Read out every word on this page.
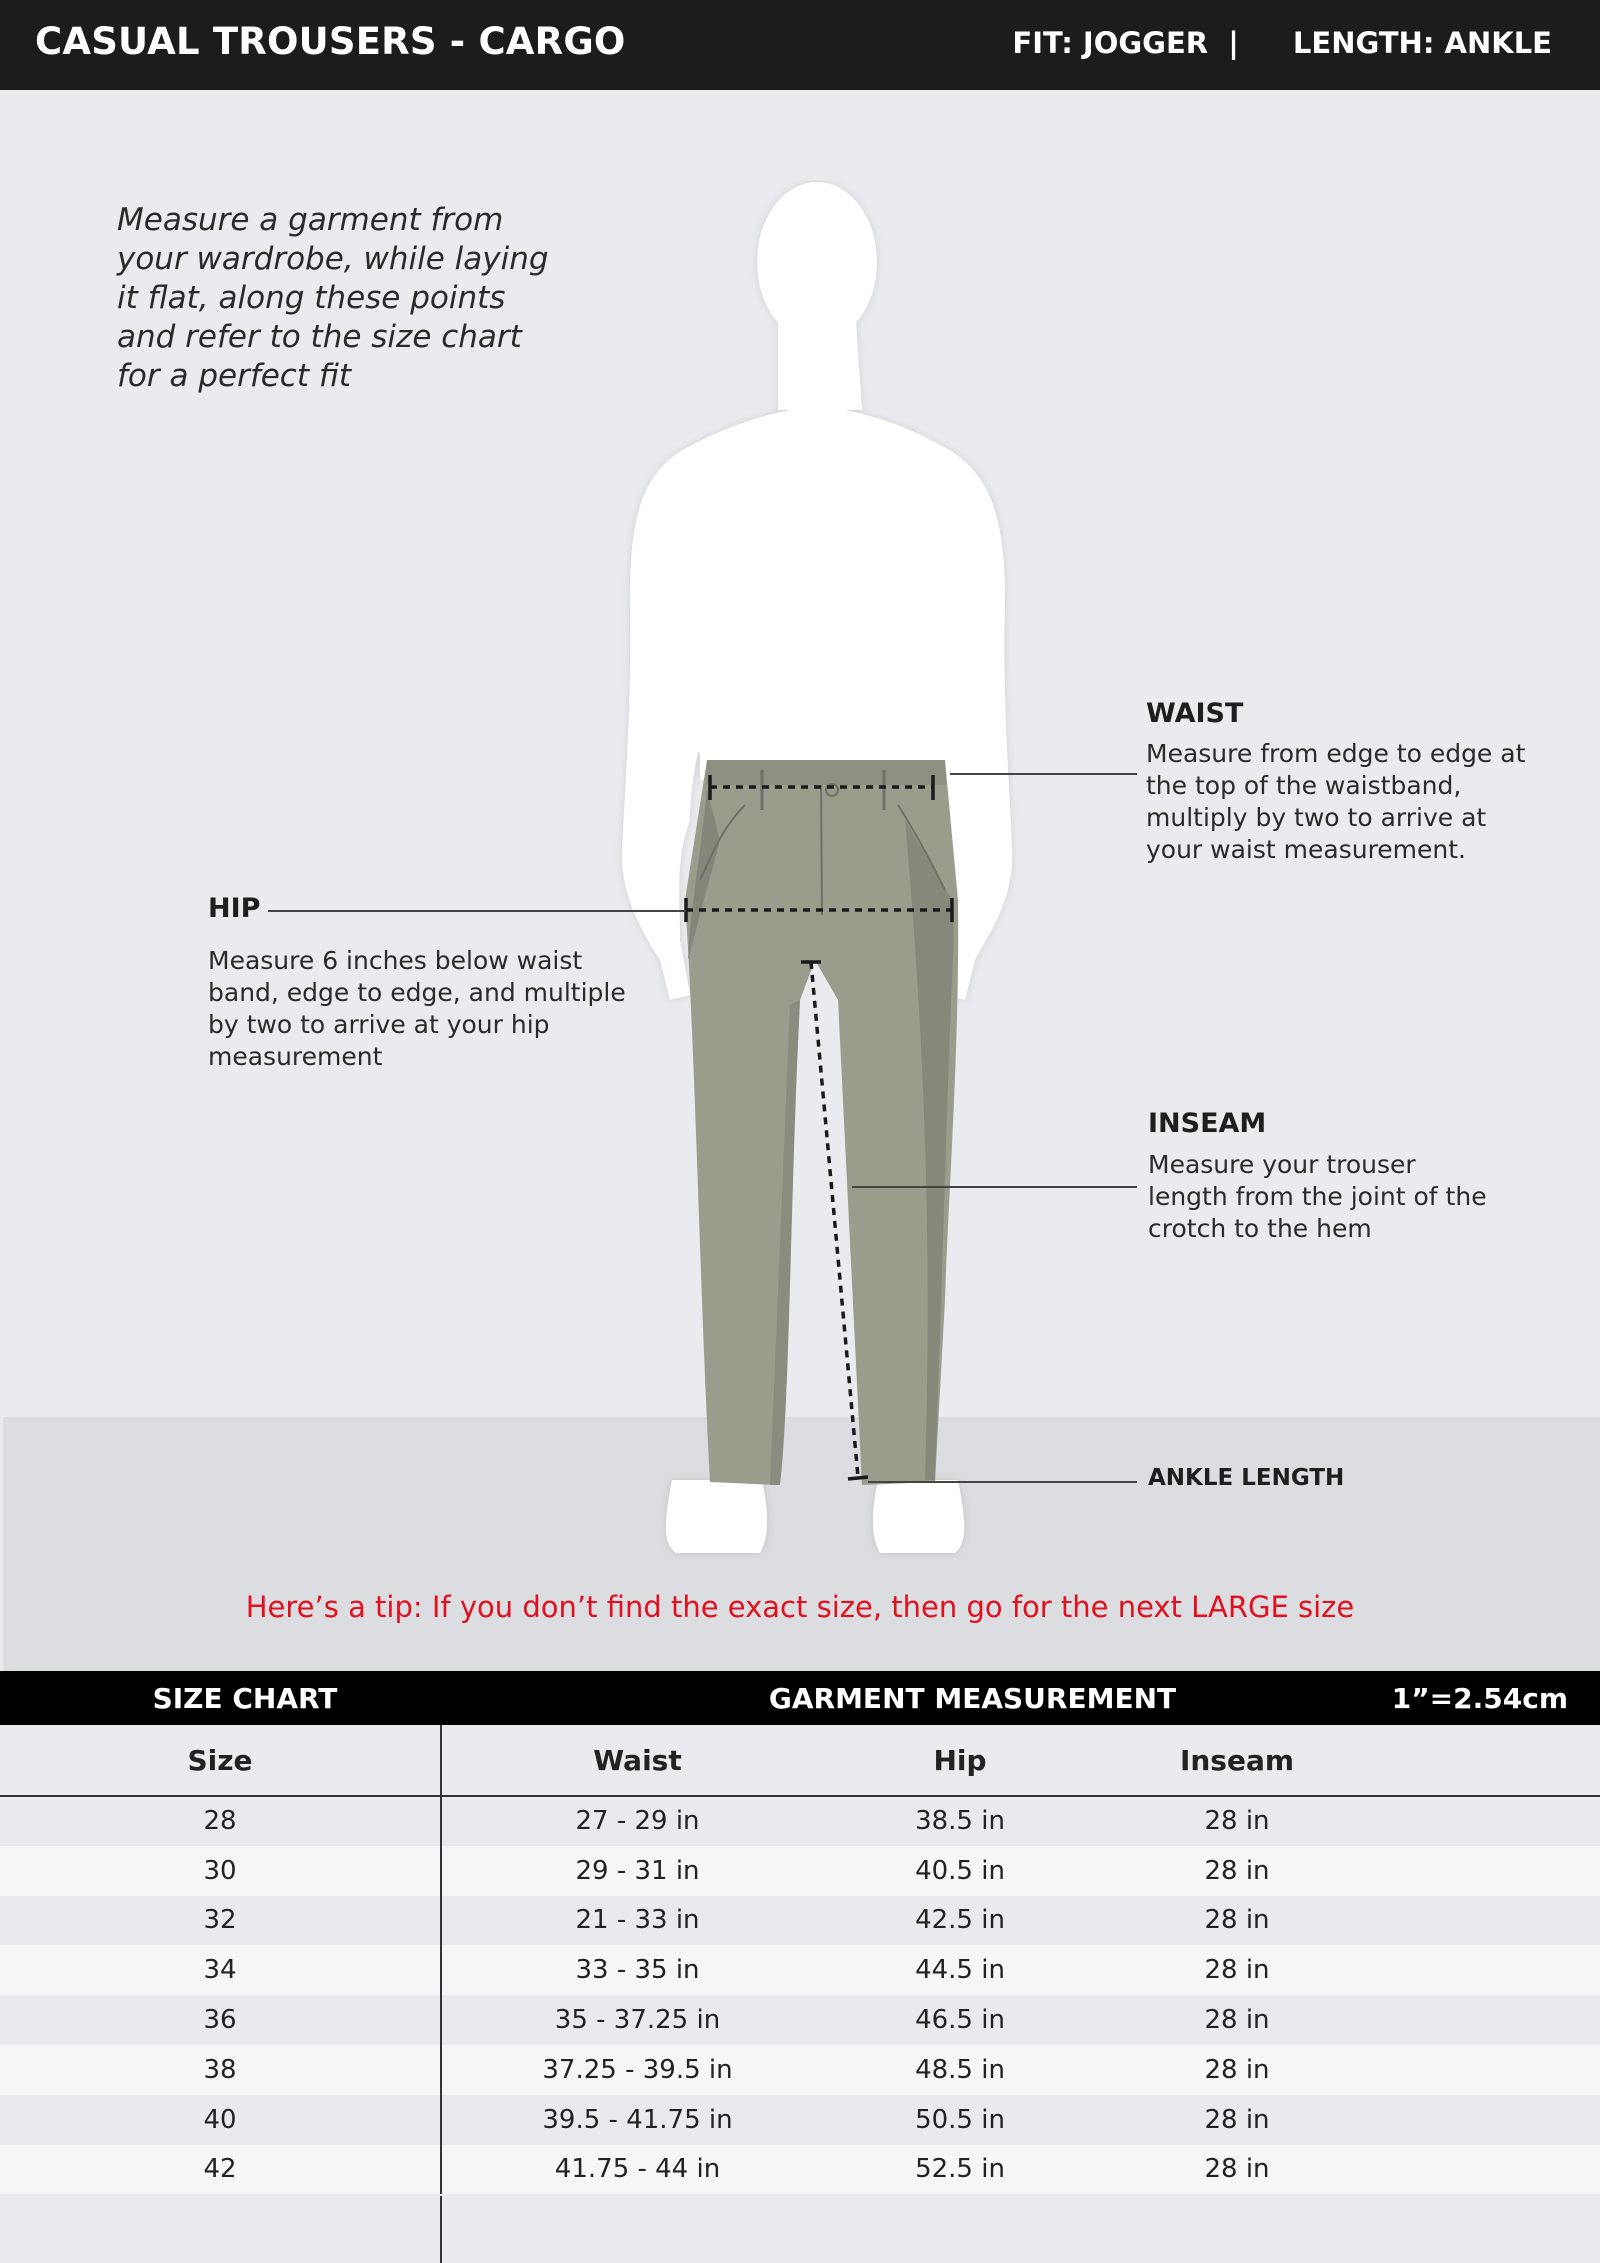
CASUAL TROUSERS - CARGO	FIT: JOGGER | LENGTH: ANKLE
Measure a garment from your wardrobe, while laying it flat, along these points and refer to the size chart for a perfect fit
WAIST
Measure from edge to edge at the top of the waistband, multiply by two to arrive at your waist measurement.
HIP
Measure 6 inches below waist band, edge to edge, and multiple by two to arrive at your hip measurement
INSEAM
Measure your trouser length from the joint of the crotch to the hem
ANKLE LENGTH
Here’s a tip: If you don’t find the exact size, then go for the next LARGE size
SIZE CHART	GARMENT MEASUREMENT	1”=2.54cm
Size	Waist	Hip	Inseam	
28	27 - 29 in	38.5 in	28 in	
30	29 - 31 in	40.5 in	28 in	
32	21 - 33 in	42.5 in	28 in	
34	33 - 35 in	44.5 in	28 in	
36	35 - 37.25 in	46.5 in	28 in	
38	37.25 - 39.5 in	48.5 in	28 in	
40	39.5 - 41.75 in	50.5 in	28 in	
42	41.75 - 44 in	52.5 in	28 in	
